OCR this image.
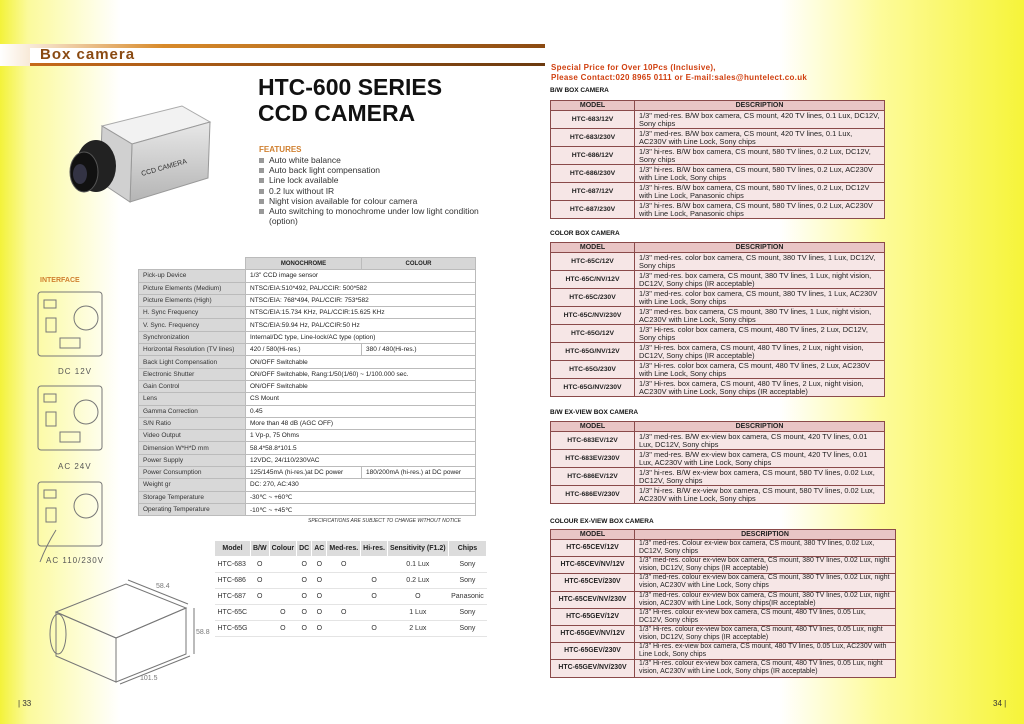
Box camera
CCD CAMERA
HTC-600 SERIES
CCD CAMERA
FEATURES
Auto white balance
Auto back light compensation
Line lock available
0.2 lux without IR
Night vision available for colour camera
Auto switching to monochrome under low light condition (option)
INTERFACE
DC 12V
AC 24V
AC 110/230V
	MONOCHROME	COLOUR
Pick-up Device	1/3" CCD image sensor	
Picture Elements (Medium)	NTSC/EIA:510*492, PAL/CCIR: 500*582	
Picture Elements (High)	NTSC/EIA: 768*494, PAL/CCIR: 753*582	
H. Sync Frequency	NTSC/EIA:15.734 KHz, PAL/CCIR:15.625 KHz	
V. Sync. Frequency	NTSC/EIA:59.94 Hz, PAL/CCIR:50 Hz	
Synchronization	Internal/DC type, Line-lock/AC type (option)	
Horizontal Resolution (TV lines)	420 / 580(Hi-res.)	380 / 480(Hi-res.)
Back Light Compensation	ON/OFF Switchable	
Electronic Shutter	ON/OFF Switchable, Rang:1/50(1/60) ~ 1/100.000 sec.	
Gain Control	ON/OFF Switchable	
Lens	CS Mount	
Gamma Correction	0.45	
S/N Ratio	More than 48 dB (AGC OFF)	
Video Output	1 Vp-p, 75 Ohms	
Dimension W*H*D mm	58.4*58.8*101.5	
Power Supply	12VDC, 24/110/230VAC	
Power Consumption	125/145mA (hi-res.)at DC power	180/200mA (hi-res.) at DC power
Weight gr	DC: 270, AC:430	
Storage Temperature	-30℃ ~ +60℃	
Operating Temperature	-10℃ ~ +45℃	
SPECIFICATIONS ARE SUBJECT TO CHANGE WITHOUT NOTICE
Model	B/W	Colour	DC	AC	Med-res.	Hi-res.	Sensitivity (F1.2)	Chips
HTC-683	O		O	O	O		0.1 Lux	Sony
HTC-686	O		O	O		O	0.2 Lux	Sony
HTC-687	O		O	O		O	O	Panasonic
HTC-65C		O	O	O	O		1 Lux	Sony
HTC-65G		O	O	O		O	2 Lux	Sony
58.4
58.8
101.5
Special Price for Over 10Pcs (Inclusive),
Please Contact:020 8965 0111 or E-mail:sales@huntelect.co.uk
B/W BOX CAMERA
MODEL	DESCRIPTION
HTC-683/12V	1/3" med-res. B/W box camera, CS mount, 420 TV lines, 0.1 Lux, DC12V, Sony chips
HTC-683/230V	1/3" med-res. B/W box camera, CS mount, 420 TV lines, 0.1 Lux, AC230V with Line Lock, Sony chips
HTC-686/12V	1/3" hi-res. B/W box camera, CS mount, 580 TV lines, 0.2 Lux, DC12V, Sony chips
HTC-686/230V	1/3" hi-res. B/W box camera, CS mount, 580 TV lines, 0.2 Lux, AC230V with Line Lock, Sony chips
HTC-687/12V	1/3" hi-res. B/W box camera, CS mount, 580 TV lines, 0.2 Lux, DC12V with Line Lock, Panasonic chips
HTC-687/230V	1/3" hi-res. B/W box camera, CS mount, 580 TV lines, 0.2 Lux, AC230V with Line Lock, Panasonic chips
COLOR BOX CAMERA
MODEL	DESCRIPTION
HTC-65C/12V	1/3" med-res. color box camera, CS mount, 380 TV lines, 1 Lux, DC12V, Sony chips
HTC-65C/NV/12V	1/3" med-res. box camera, CS mount, 380 TV lines, 1 Lux, night vision, DC12V, Sony chips (IR acceptable)
HTC-65C/230V	1/3" med-res. color box camera, CS mount, 380 TV lines, 1 Lux, AC230V with Line Lock, Sony chips
HTC-65C/NV/230V	1/3" med-res. box camera, CS mount, 380 TV lines, 1 Lux, night vision, AC230V with Line Lock, Sony chips
HTC-65G/12V	1/3" Hi-res. color box camera, CS mount, 480 TV lines, 2 Lux, DC12V, Sony chips
HTC-65G/NV/12V	1/3" Hi-res. box camera, CS mount, 480 TV lines, 2 Lux, night vision, DC12V, Sony chips (IR acceptable)
HTC-65G/230V	1/3" Hi-res. color box camera, CS mount, 480 TV lines, 2 Lux, AC230V with Line Lock, Sony chips
HTC-65G/NV/230V	1/3" Hi-res. box camera, CS mount, 480 TV lines, 2 Lux, night vision, AC230V with Line Lock, Sony chips (IR acceptable)
B/W EX-VIEW BOX CAMERA
MODEL	DESCRIPTION
HTC-683EV/12V	1/3" med-res. B/W ex-view box camera, CS mount, 420 TV lines, 0.01 Lux, DC12V, Sony chips
HTC-683EV/230V	1/3" med-res. B/W ex-view box camera, CS mount, 420 TV lines, 0.01 Lux, AC230V with Line Lock, Sony chips
HTC-686EV/12V	1/3" hi-res. B/W ex-view box camera, CS mount, 580 TV lines, 0.02 Lux, DC12V, Sony chips
HTC-686EV/230V	1/3" hi-res. B/W ex-view box camera, CS mount, 580 TV lines, 0.02 Lux, AC230V with Line Lock, Sony chips
COLOUR EX-VIEW BOX CAMERA
MODEL	DESCRIPTION
HTC-65CEV/12V	1/3" med-res. Colour ex-view box camera, CS mount, 380 TV lines, 0.02 Lux, DC12V, Sony chips
HTC-65CEV/NV/12V	1/3" med-res. colour ex-view box camera, CS mount, 380 TV lines, 0.02 Lux, night vision, DC12V, Sony chips (IR acceptable)
HTC-65CEV/230V	1/3" med-res. colour ex-view box camera, CS mount, 380 TV lines, 0.02 Lux, night vision, AC230V with Line Lock, Sony chips
HTC-65CEV/NV/230V	1/3" med-res. colour ex-view box camera, CS mount, 380 TV lines, 0.02 Lux, night vision, AC230V with Line Lock, Sony chips(IR acceptable)
HTC-65GEV/12V	1/3" Hi-res. colour ex-view box camera, CS mount, 480 TV lines, 0.05 Lux, DC12V, Sony chips
HTC-65GEV/NV/12V	1/3" Hi-res. colour ex-view box camera, CS mount, 480 TV lines, 0.05 Lux, night vision, DC12V, Sony chips (IR acceptable)
HTC-65GEV/230V	1/3" Hi-res. ex-view box camera, CS mount, 480 TV lines, 0.05 Lux, AC230V with Line Lock, Sony chips
HTC-65GEV/NV/230V	1/3" Hi-res. colour ex-view box camera, CS mount, 480 TV lines, 0.05 Lux, night vision, AC230V with Line Lock, Sony chips (IR acceptable)
| 33	34 |
